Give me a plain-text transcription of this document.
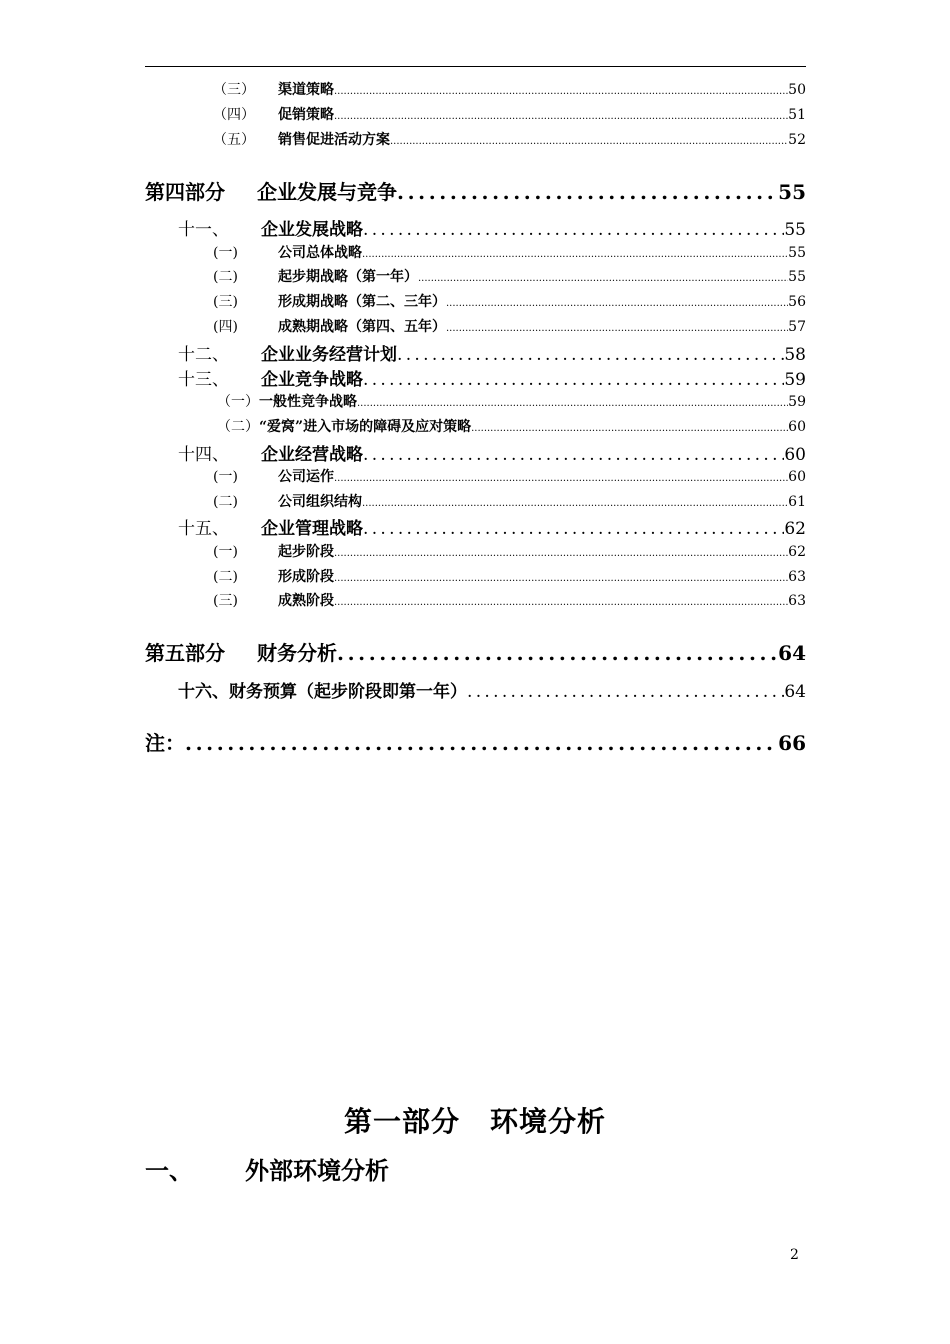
（三）	渠道策略 .....	50
（四）	促销策略 .....	51
（五）	销售促进活动方案 .....	52
第四部分	企业发展与竞争 .....	55
十一、	企业发展战略 .....	55
(一)	公司总体战略 .....	55
(二)	起步期战略（第一年） .....	55
(三)	形成期战略（第二、三年） .....	56
(四)	成熟期战略（第四、五年） .....	57
十二、	企业业务经营计划 .....	58
十三、	企业竞争战略 .....	59
（一） 一般性竞争战略 .....	59
（二） “爱窝”进入市场的障碍及应对策略 .....	60
十四、	企业经营战略 .....	60
(一)	公司运作 .....	60
(二)	公司组织结构 .....	61
十五、	企业管理战略 .....	62
(一)	起步阶段 .....	62
(二)	形成阶段 .....	63
(三)	成熟阶段 .....	63
第五部分	财务分析 .....	64
十六、财务预算（起步阶段即第一年） .....	64
注： .....	66
第一部分 环境分析
一、 外部环境分析
2
